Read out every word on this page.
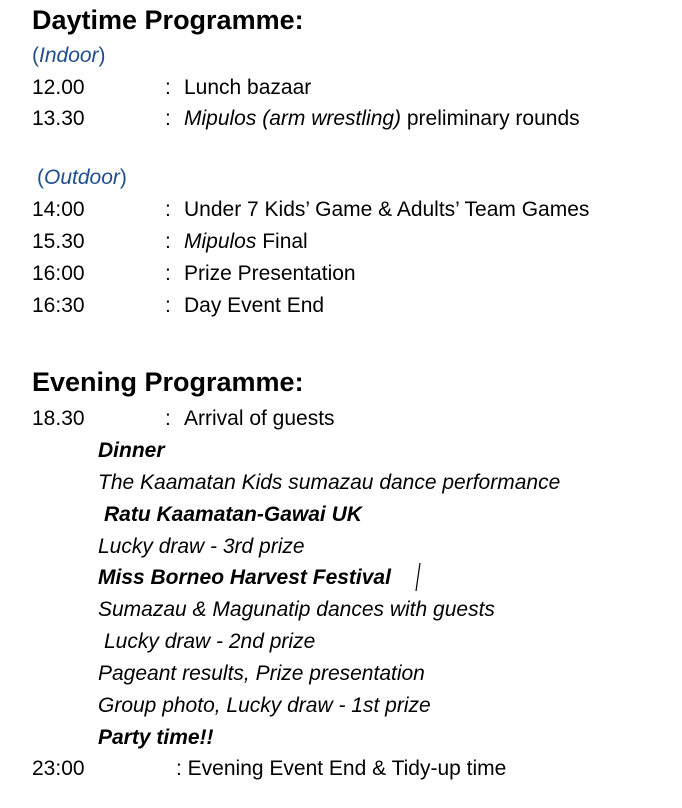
Daytime Programme:
(Indoor)
12.00	: Lunch bazaar
13.30	: Mipulos (arm wrestling) preliminary rounds
(Outdoor)
14:00	: Under 7 Kids’ Game & Adults’ Team Games
15.30	: Mipulos Final
16:00	: Prize Presentation
16:30	: Day Event End
Evening Programme:
18.30	: Arrival of guests
Dinner
The Kaamatan Kids sumazau dance performance
Ratu Kaamatan-Gawai UK
Lucky draw - 3rd prize
Miss Borneo Harvest Festival
Sumazau & Magunatip dances with guests
Lucky draw - 2nd prize
Pageant results, Prize presentation
Group photo, Lucky draw - 1st prize
Party time!!
23:00	: Evening Event End & Tidy-up time
